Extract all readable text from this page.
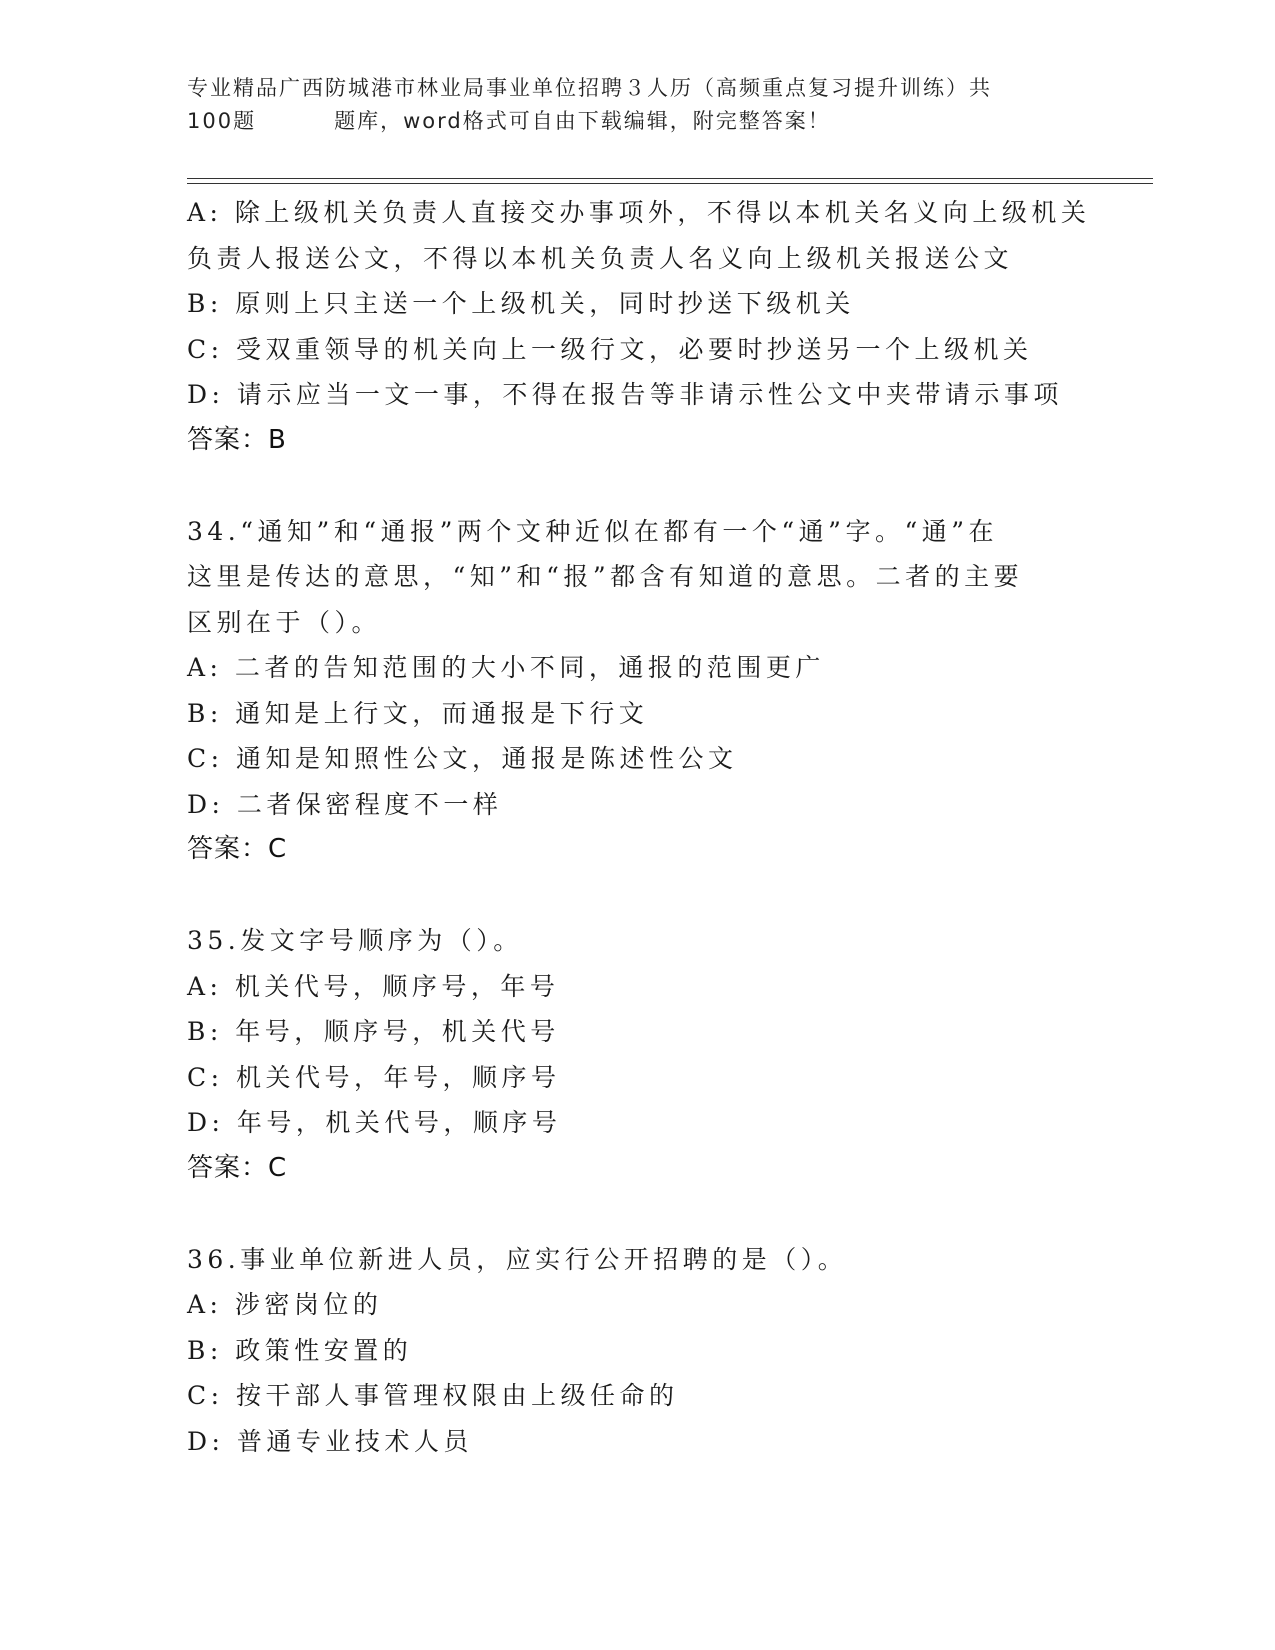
专业精品广西防城港市林业局事业单位招聘３人历（高频重点复习提升训练）共
100题	题库，word格式可自由下载编辑，附完整答案！
A: 除上级机关负责人直接交办事项外，不得以本机关名义向上级机关
负责人报送公文，不得以本机关负责人名义向上级机关报送公文
B: 原则上只主送一个上级机关，同时抄送下级机关
C: 受双重领导的机关向上一级行文，必要时抄送另一个上级机关
D: 请示应当一文一事，不得在报告等非请示性公文中夹带请示事项
答案：B
34.“通知”和“通报”两个文种近似在都有一个“通”字。“通”在
这里是传达的意思，“知”和“报”都含有知道的意思。二者的主要
区别在于（）。
A: 二者的告知范围的大小不同，通报的范围更广
B: 通知是上行文，而通报是下行文
C: 通知是知照性公文，通报是陈述性公文
D: 二者保密程度不一样
答案：C
35.发文字号顺序为（）。
A: 机关代号，顺序号，年号
B: 年号，顺序号，机关代号
C: 机关代号，年号，顺序号
D: 年号，机关代号，顺序号
答案：C
36.事业单位新进人员，应实行公开招聘的是（）。
A: 涉密岗位的
B: 政策性安置的
C: 按干部人事管理权限由上级任命的
D: 普通专业技术人员
